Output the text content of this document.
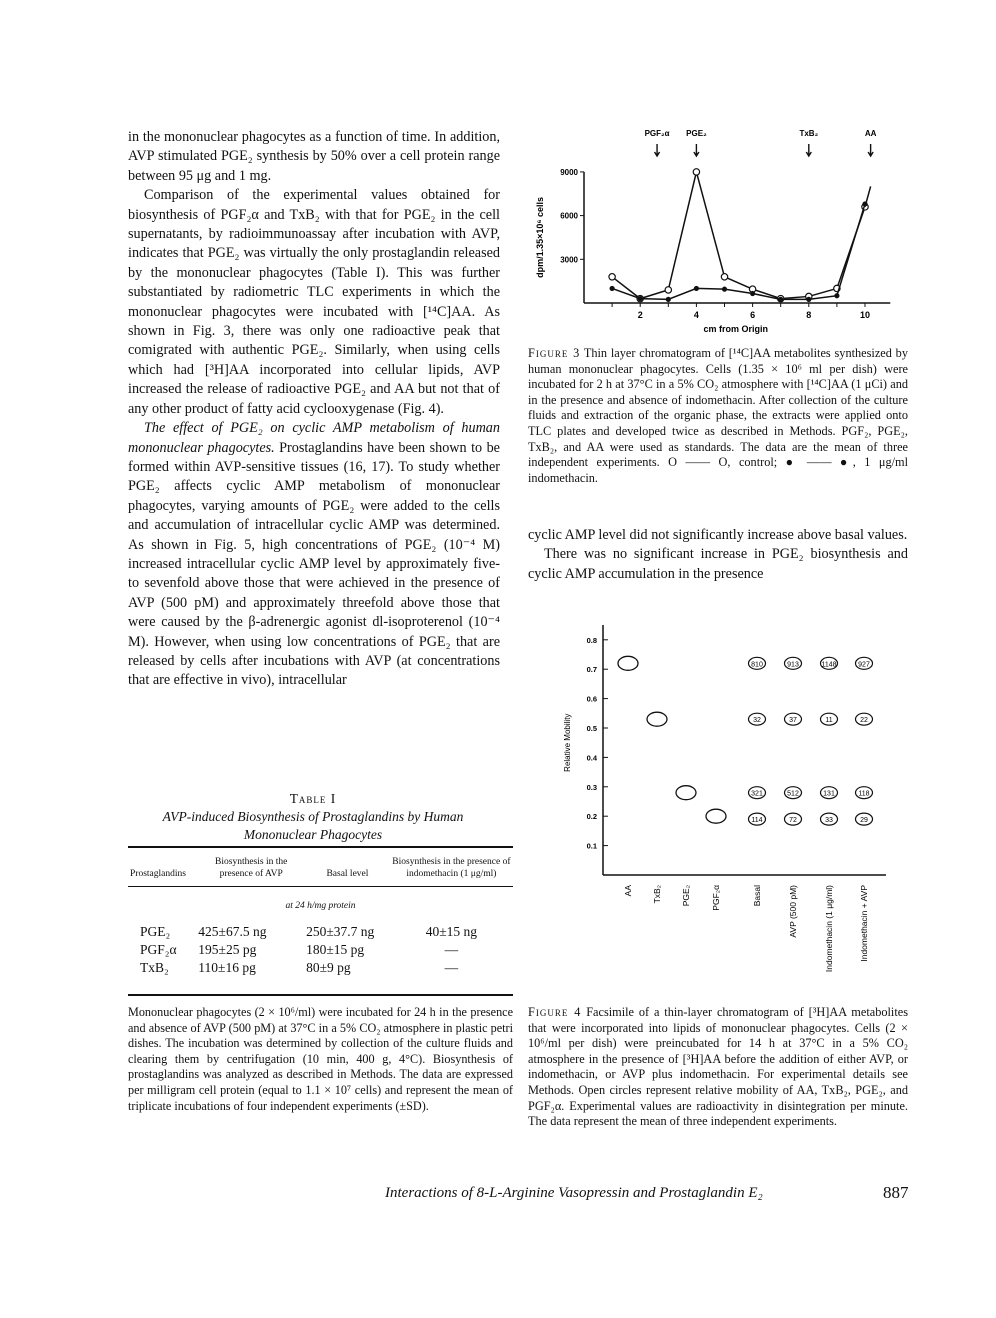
in the mononuclear phagocytes as a function of time. In addition, AVP stimulated PGE₂ synthesis by 50% over a cell protein range between 95 μg and 1 mg.

Comparison of the experimental values obtained for biosynthesis of PGF₂α and TxB₂ with that for PGE₂ in the cell supernatants, by radioimmunoassay after incubation with AVP, indicates that PGE₂ was virtually the only prostaglandin released by the mononuclear phagocytes (Table I). This was further substantiated by radiometric TLC experiments in which the mononuclear phagocytes were incubated with [¹⁴C]AA. As shown in Fig. 3, there was only one radioactive peak that comigrated with authentic PGE₂. Similarly, when using cells which had [³H]AA incorporated into cellular lipids, AVP increased the release of radioactive PGE₂ and AA but not that of any other product of fatty acid cyclooxygenase (Fig. 4).

The effect of PGE₂ on cyclic AMP metabolism of human mononuclear phagocytes. Prostaglandins have been shown to be formed within AVP-sensitive tissues (16, 17). To study whether PGE₂ affects cyclic AMP metabolism of mononuclear phagocytes, varying amounts of PGE₂ were added to the cells and accumulation of intracellular cyclic AMP was determined. As shown in Fig. 5, high concentrations of PGE₂ (10⁻⁴ M) increased intracellular cyclic AMP level by approximately five- to sevenfold above those that were achieved in the presence of AVP (500 pM) and approximately threefold above those that were caused by the β-adrenergic agonist dl-isoproterenol (10⁻⁴ M). However, when using low concentrations of PGE₂ that are released by cells after incubations with AVP (at concentrations that are effective in vivo), intracellular

Table I
AVP-induced Biosynthesis of Prostaglandins by Human Mononuclear Phagocytes
Prostaglandins	Biosynthesis in the presence of AVP	Basal level	Biosynthesis in the presence of indomethacin (1 μg/ml)
at 24 h/mg protein			
PGE₂	425±67.5 ng	250±37.7 ng	40±15 ng
PGF₂α	195±25 pg	180±15 pg	—
TxB₂	110±16 pg	80±9 pg	—
Mononuclear phagocytes (2 × 10⁶/ml) were incubated for 24 h in the presence and absence of AVP (500 pM) at 37°C in a 5% CO₂ atmosphere in plastic petri dishes. The incubation was determined by collection of the culture fluids and clearing them by centrifugation (10 min, 400 g, 4°C). Biosynthesis of prostaglandins was analyzed as described in Methods. The data are expressed per milligram cell protein (equal to 1.1 × 10⁷ cells) and represent the mean of triplicate incubations of four independent experiments (±SD).
2	4	6	8	10
3000
6000
9000
cm from Origin
dpm/1.35×10⁶ cells
PGF₂α PGE₂	TxB₂	AA
Figure 3 Thin layer chromatogram of [¹⁴C]AA metabolites synthesized by human mononuclear phagocytes. Cells (1.35 × 10⁶ ml per dish) were incubated for 2 h at 37°C in a 5% CO₂ atmosphere with [¹⁴C]AA (1 μCi) and in the presence and absence of indomethacin. After collection of the culture fluids and extraction of the organic phase, the extracts were applied onto TLC plates and developed twice as described in Methods. PGF₂, PGE₂, TxB₂, and AA were used as standards. The data are the mean of three independent experiments. O —— O, control; ● —— ●, 1 μg/ml indomethacin.

cyclic AMP level did not significantly increase above basal values.

There was no significant increase in PGE₂ biosynthesis and cyclic AMP accumulation in the presence

0.1
0.2
0.3
0.4
0.5
0.6
0.7
0.8
Relative Mobility
AA TxB₂ PGE₂ PGF₂α	Basal	AVP (500 pM)	Indomethacin (1 μg/ml)	Indomethacin + AVP
810	913	1148	927
32	37	11	22
321	512	131	118
114	72	33	29
Figure 4 Facsimile of a thin-layer chromatogram of [³H]AA metabolites that were incorporated into lipids of mononuclear phagocytes. Cells (2 × 10⁶/ml per dish) were preincubated for 14 h at 37°C in a 5% CO₂ atmosphere in the presence of [³H]AA before the addition of either AVP, or indomethacin, or AVP plus indomethacin. For experimental details see Methods. Open circles represent relative mobility of AA, TxB₂, PGE₂, and PGF₂α. Experimental values are radioactivity in disintegration per minute. The data represent the mean of three independent experiments.
Interactions of 8-L-Arginine Vasopressin and Prostaglandin E₂	887
